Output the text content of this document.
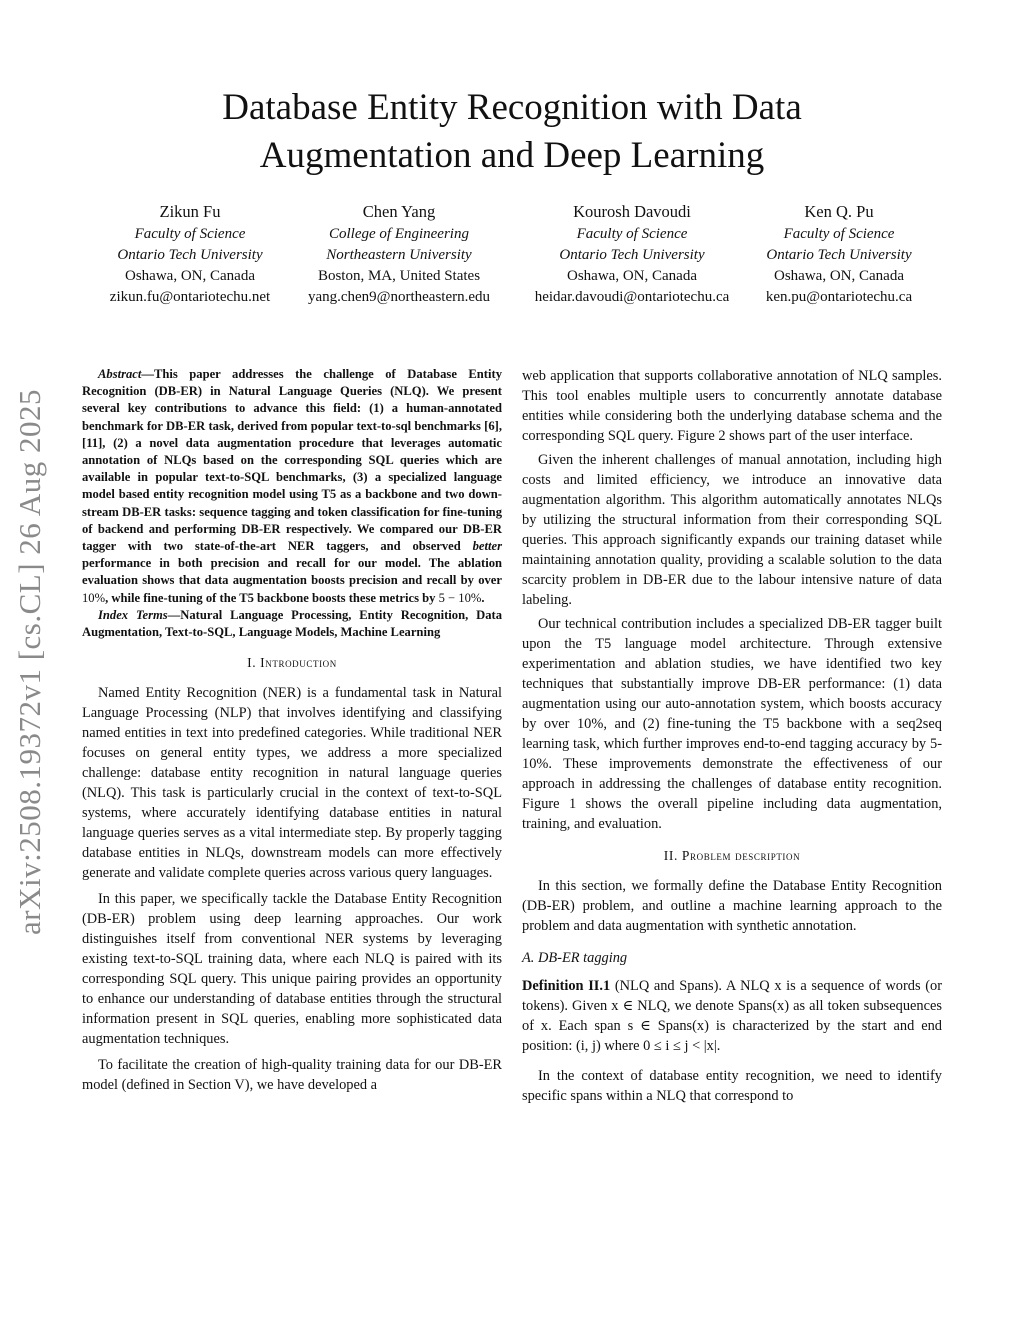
arXiv:2508.19372v1 [cs.CL] 26 Aug 2025
Database Entity Recognition with Data
Augmentation and Deep Learning
Zikun Fu
Faculty of Science
Ontario Tech University
Oshawa, ON, Canada
zikun.fu@ontariotechu.net
Chen Yang
College of Engineering
Northeastern University
Boston, MA, United States
yang.chen9@northeastern.edu
Kourosh Davoudi
Faculty of Science
Ontario Tech University
Oshawa, ON, Canada
heidar.davoudi@ontariotechu.ca
Ken Q. Pu
Faculty of Science
Ontario Tech University
Oshawa, ON, Canada
ken.pu@ontariotechu.ca

Abstract—This paper addresses the challenge of Database Entity Recognition (DB-ER) in Natural Language Queries (NLQ). We present several key contributions to advance this field: (1) a human-annotated benchmark for DB-ER task, derived from popular text-to-sql benchmarks [6], [11], (2) a novel data augmentation procedure that leverages automatic annotation of NLQs based on the corresponding SQL queries which are available in popular text-to-SQL benchmarks, (3) a specialized language model based entity recognition model using T5 as a backbone and two down-stream DB-ER tasks: sequence tagging and token classification for fine-tuning of backend and performing DB-ER respectively. We compared our DB-ER tagger with two state-of-the-art NER taggers, and observed better performance in both precision and recall for our model. The ablation evaluation shows that data augmentation boosts precision and recall by over 10%, while fine-tuning of the T5 backbone boosts these metrics by 5 − 10%.

Index Terms—Natural Language Processing, Entity Recognition, Data Augmentation, Text-to-SQL, Language Models, Machine Learning

I. Introduction

Named Entity Recognition (NER) is a fundamental task in Natural Language Processing (NLP) that involves identifying and classifying named entities in text into predefined categories. While traditional NER focuses on general entity types, we address a more specialized challenge: database entity recognition in natural language queries (NLQ). This task is particularly crucial in the context of text-to-SQL systems, where accurately identifying database entities in natural language queries serves as a vital intermediate step. By properly tagging database entities in NLQs, downstream models can more effectively generate and validate complete queries across various query languages.

In this paper, we specifically tackle the Database Entity Recognition (DB-ER) problem using deep learning approaches. Our work distinguishes itself from conventional NER systems by leveraging existing text-to-SQL training data, where each NLQ is paired with its corresponding SQL query. This unique pairing provides an opportunity to enhance our understanding of database entities through the structural information present in SQL queries, enabling more sophisticated data augmentation techniques.

To facilitate the creation of high-quality training data for our DB-ER model (defined in Section V), we have developed a

web application that supports collaborative annotation of NLQ samples. This tool enables multiple users to concurrently annotate database entities while considering both the underlying database schema and the corresponding SQL query. Figure 2 shows part of the user interface.

Given the inherent challenges of manual annotation, including high costs and limited efficiency, we introduce an innovative data augmentation algorithm. This algorithm automatically annotates NLQs by utilizing the structural information from their corresponding SQL queries. This approach significantly expands our training dataset while maintaining annotation quality, providing a scalable solution to the data scarcity problem in DB-ER due to the labour intensive nature of data labeling.

Our technical contribution includes a specialized DB-ER tagger built upon the T5 language model architecture. Through extensive experimentation and ablation studies, we have identified two key techniques that substantially improve DB-ER performance: (1) data augmentation using our auto-annotation system, which boosts accuracy by over 10%, and (2) fine-tuning the T5 backbone with a seq2seq learning task, which further improves end-to-end tagging accuracy by 5-10%. These improvements demonstrate the effectiveness of our approach in addressing the challenges of database entity recognition. Figure 1 shows the overall pipeline including data augmentation, training, and evaluation.

II. Problem description

In this section, we formally define the Database Entity Recognition (DB-ER) problem, and outline a machine learning approach to the problem and data augmentation with synthetic annotation.

A. DB-ER tagging

Definition II.1 (NLQ and Spans). A NLQ x is a sequence of words (or tokens). Given x ∈ NLQ, we denote Spans(x) as all token subsequences of x. Each span s ∈ Spans(x) is characterized by the start and end position: (i, j) where 0 ≤ i ≤ j < |x|.

In the context of database entity recognition, we need to identify specific spans within a NLQ that correspond to
